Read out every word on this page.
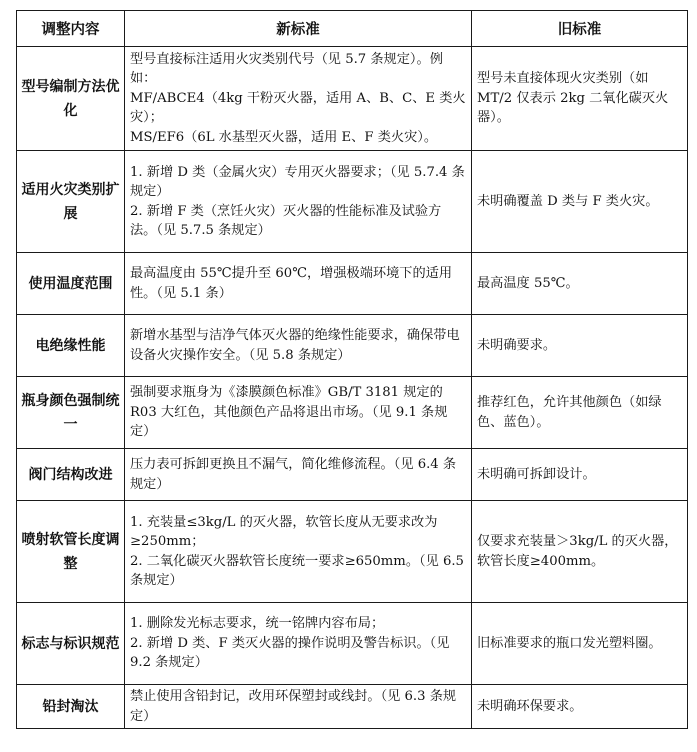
调整内容	新标准	旧标准
型号编制方法优化	型号直接标注适用火灾类别代号（见 5.7 条规定）。例如：
MF/ABCE4（4kg 干粉灭火器，适用 A、B、C、E 类火灾）；
MS/EF6（6L 水基型灭火器，适用 E、F 类火灾）。	型号未直接体现火灾类别（如 MT/2 仅表示 2kg 二氧化碳灭火器）。
适用火灾类别扩展	1. 新增 D 类（金属火灾）专用灭火器要求；（见 5.7.4 条规定）
2. 新增 F 类（烹饪火灾）灭火器的性能标准及试验方法。（见 5.7.5 条规定）	未明确覆盖 D 类与 F 类火灾。
使用温度范围	最高温度由 55℃提升至 60℃，增强极端环境下的适用性。（见 5.1 条）	最高温度 55℃。
电绝缘性能	新增水基型与洁净气体灭火器的绝缘性能要求，确保带电设备火灾操作安全。（见 5.8 条规定）	未明确要求。
瓶身颜色强制统一	强制要求瓶身为《漆膜颜色标准》GB/T 3181 规定的 R03 大红色，其他颜色产品将退出市场。（见 9.1 条规定）	推荐红色，允许其他颜色（如绿色、蓝色）。
阀门结构改进	压力表可拆卸更换且不漏气，简化维修流程。（见 6.4 条规定）	未明确可拆卸设计。
喷射软管长度调整	1. 充装量≤3kg/L 的灭火器，软管长度从无要求改为≥250mm；
2. 二氧化碳灭火器软管长度统一要求≥650mm。（见 6.5 条规定）	仅要求充装量＞3kg/L 的灭火器，软管长度≥400mm。
标志与标识规范	1. 删除发光标志要求，统一铭牌内容布局；
2. 新增 D 类、F 类灭火器的操作说明及警告标识。（见 9.2 条规定）	旧标准要求的瓶口发光塑料圈。
铅封淘汰	禁止使用含铅封记，改用环保塑封或线封。（见 6.3 条规定）	未明确环保要求。
